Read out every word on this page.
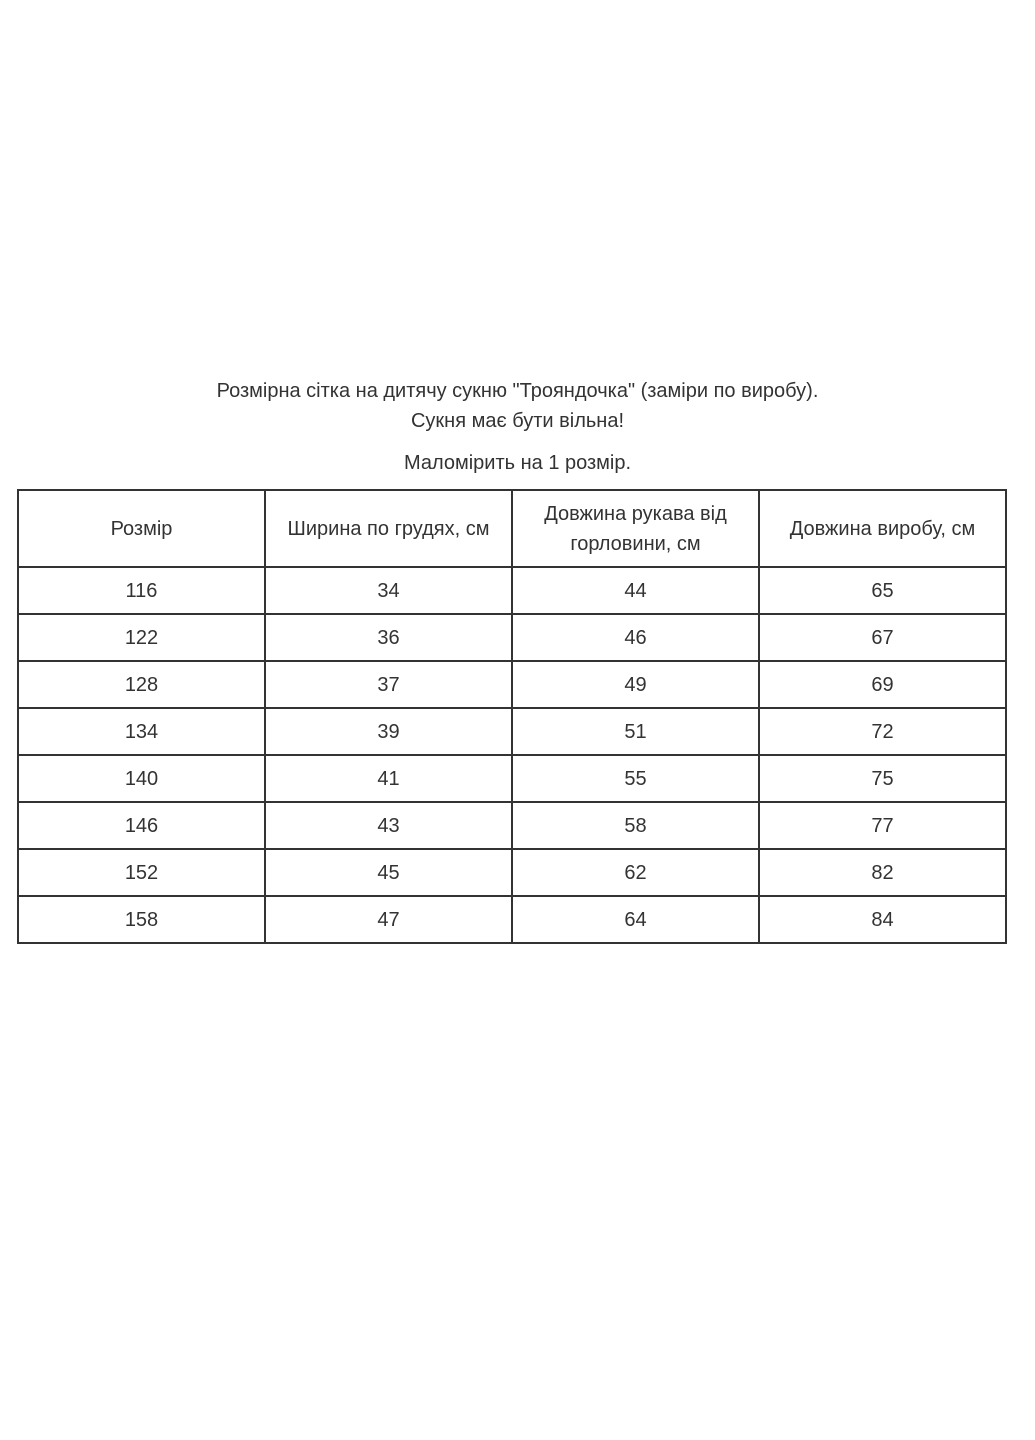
Розмірна сітка на дитячу сукню "Трояндочка" (заміри по виробу).
Сукня має бути вільна!
Маломірить на 1 розмір.
Розмір	Ширина по грудях, см	Довжина рукава від горловини, см	Довжина виробу, см
116	34	44	65
122	36	46	67
128	37	49	69
134	39	51	72
140	41	55	75
146	43	58	77
152	45	62	82
158	47	64	84
